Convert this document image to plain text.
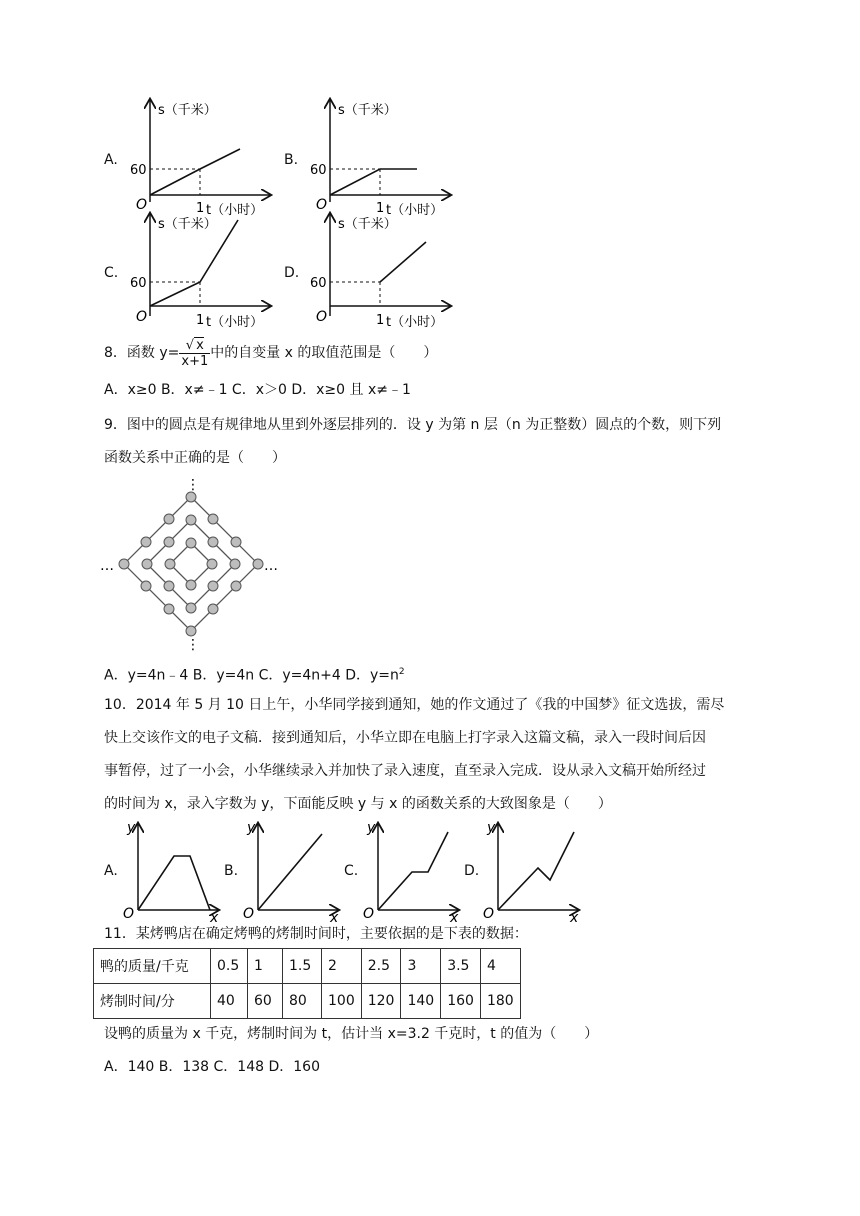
A.	B.
C.	D.
s（千米）
60
O	1 t（小时）
s（千米）
60
O	1 t（小时）
s（千米）
60
O	1 t（小时）
s（千米）
60
O	1 t（小时）
8．函数 $y= \frac{√ x}{x+1}$ 中的自变量 x 的取值范围是（　　）
A．x≥0 B．x≠﹣1 C．x＞0 D．x≥0 且 x≠﹣1
9．图中的圆点是有规律地从里到外逐层排列的．设 y 为第 n 层（n 为正整数）圆点的个数，则下列
函数关系中正确的是（　　）
⋮
⋮
…	…
A．y=4n﹣4 B．y=4n C．y=4n+4 D．$y=n^2$
10．2014 年 5 月 10 日上午，小华同学接到通知，她的作文通过了《我的中国梦》征文选拔，需尽
快上交该作文的电子文稿．接到通知后，小华立即在电脑上打字录入这篇文稿，录入一段时间后因
事暂停，过了一小会，小华继续录入并加快了录入速度，直至录入完成．设从录入文稿开始所经过
的时间为 x，录入字数为 y，下面能反映 y 与 x 的函数关系的大致图象是（　　）
A.	B.	C.	D.
y
O	x
y
O	x
y
O	x
y
O	x
11．某烤鸭店在确定烤鸭的烤制时间时，主要依据的是下表的数据：
鸭的质量/千克	0.5	1	1.5	2	2.5	3	3.5	4
烤制时间/分	40	60	80	100	120	140	160	180
设鸭的质量为 x 千克，烤制时间为 t，估计当 x=3.2 千克时，t 的值为（　　）
A．140 B．138 C．148 D．160
